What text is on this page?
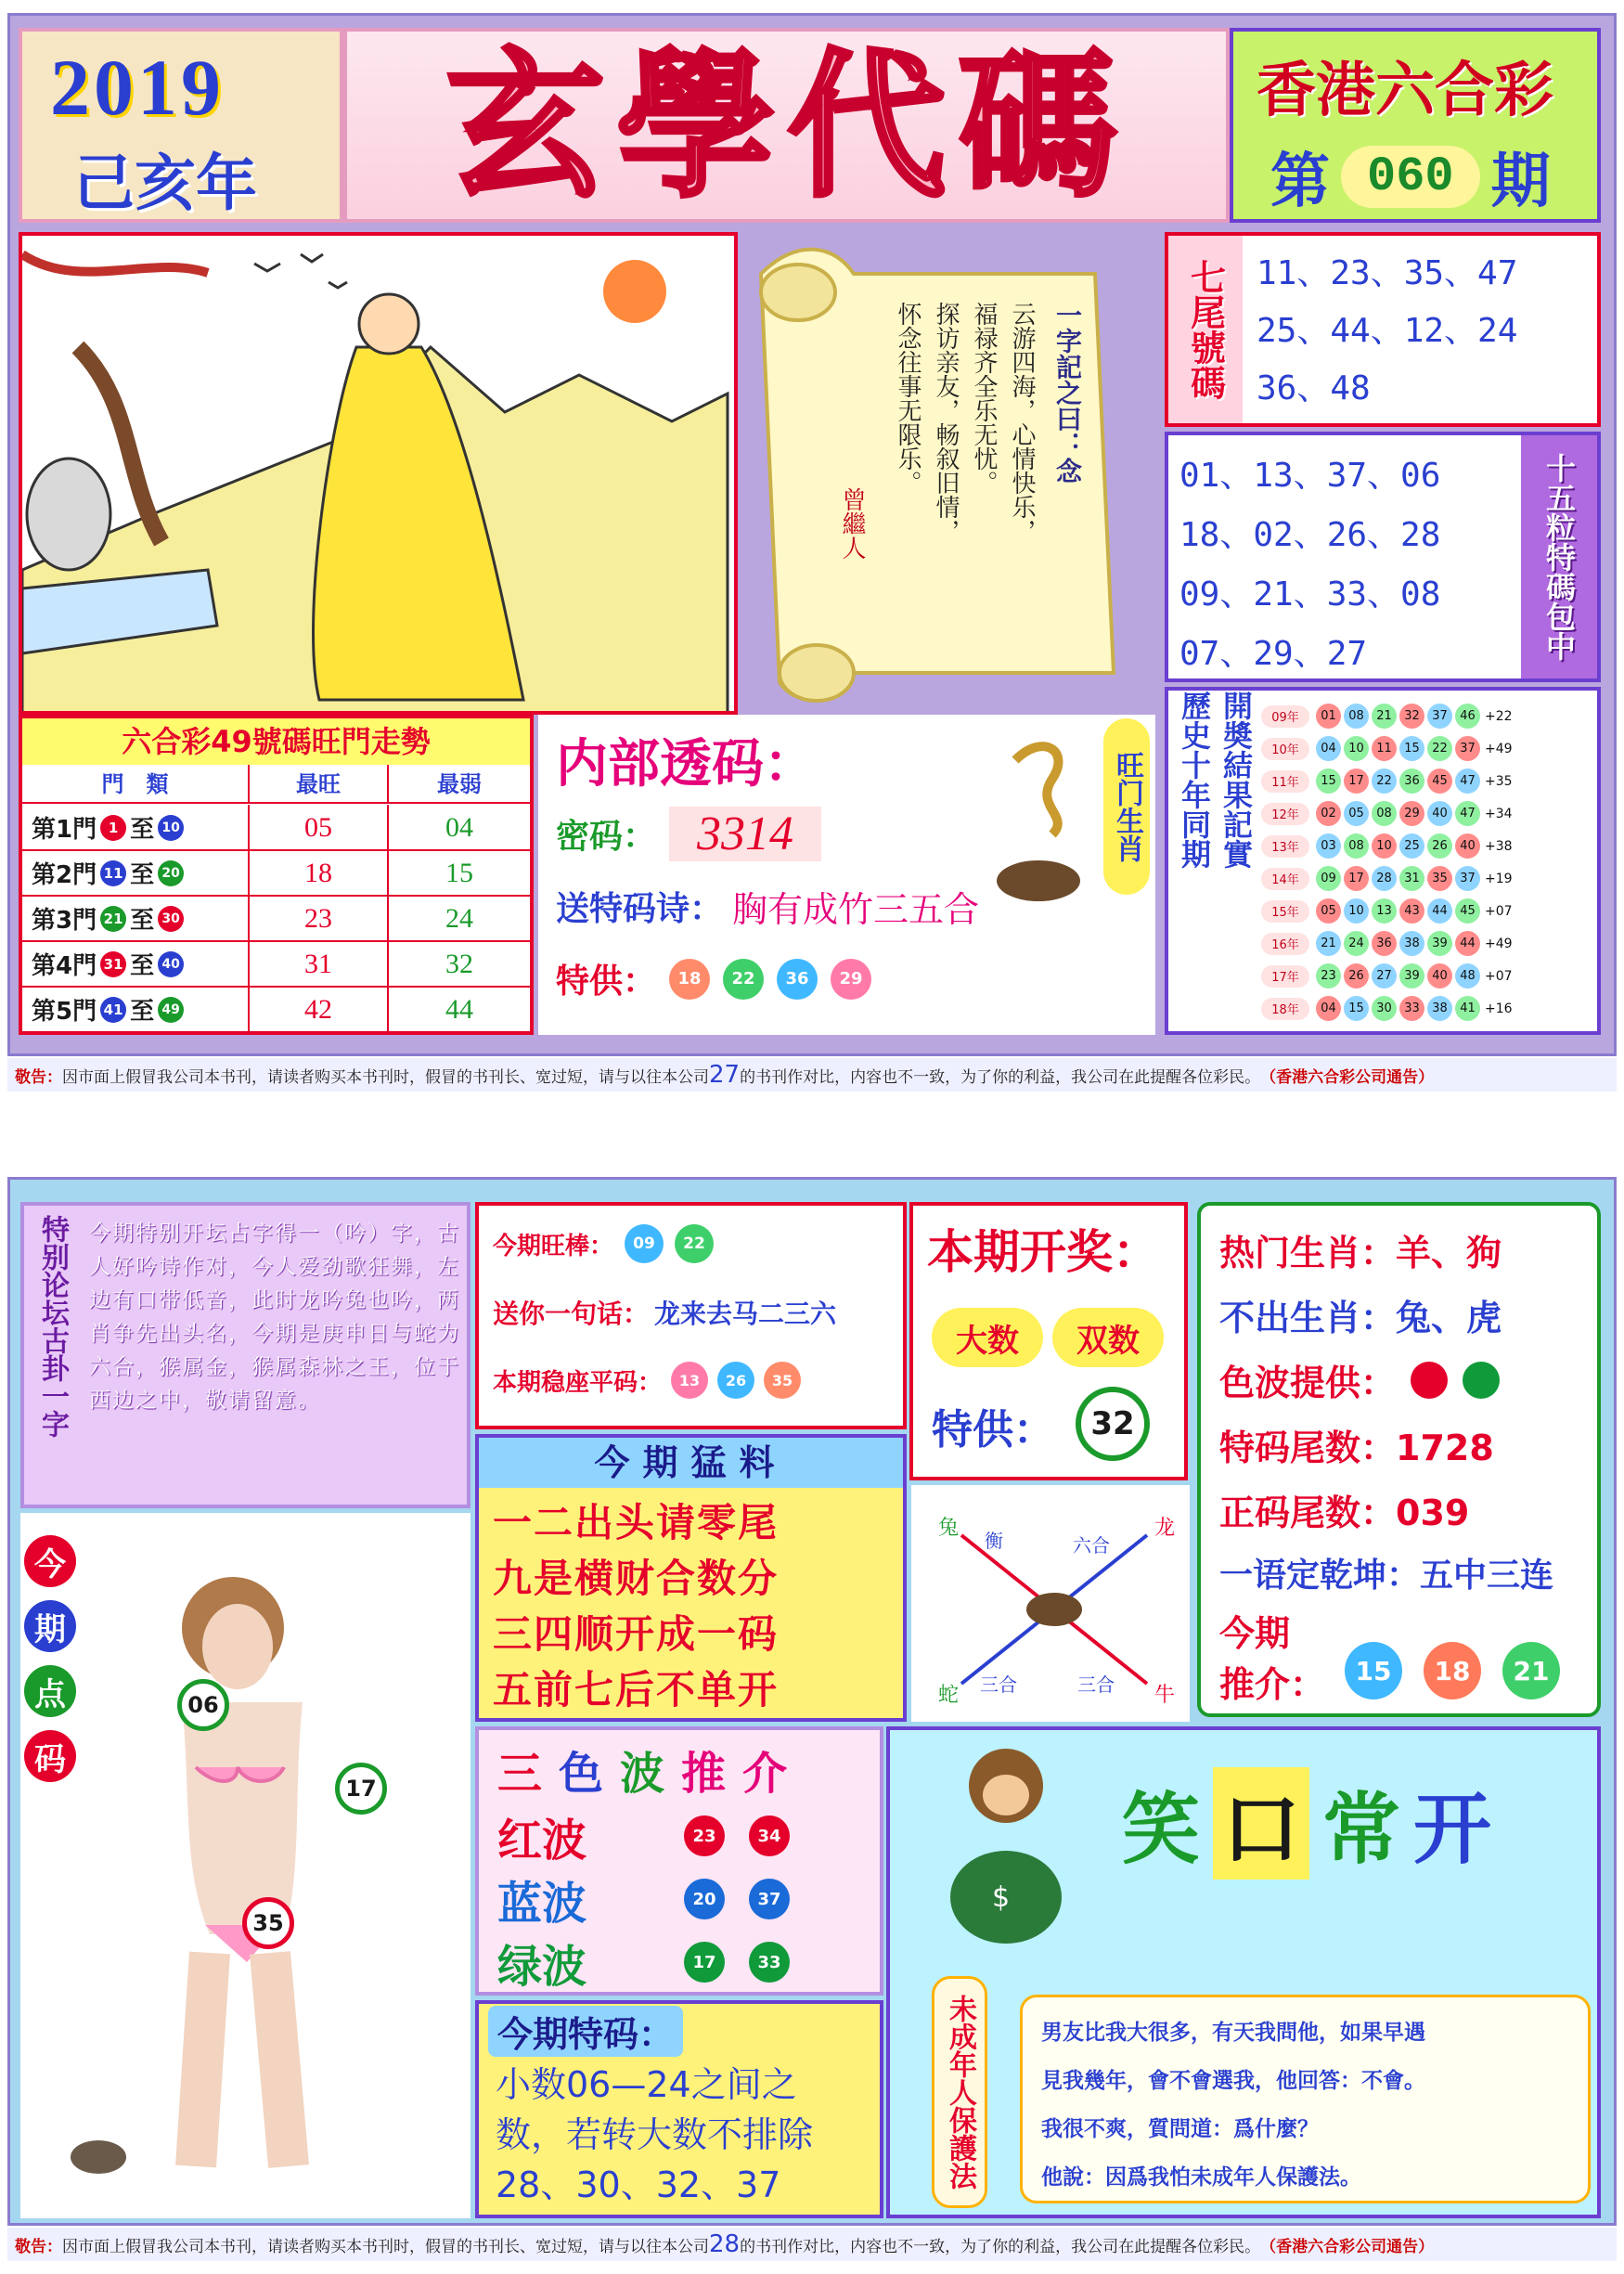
2019
己亥年	玄學代碼	香港六合彩
第 060 期
一字記之曰：念
云游四海，心情快乐，
福禄齐全乐无忧。
探访亲友，畅叙旧情，
怀念往事无限乐。
曾繼人
七尾號碼 11、23、35、47
25、44、12、24
36、48
01、13、37、06
18、02、26、28
09、21、33、08
07、29、27	十五粒特碼包中
六合彩49號碼旺門走勢
門　類	最旺	最弱
第1門 1 至 10	05	04
第2門 11 至 20	18	15
第3門 21 至 30	23	24
第4門 31 至 40	31	32
第5門 41 至 49	42	44
内部透码：
密码： 3314
送特码诗： 胸有成竹三五合
特供：	18	22	36	29
旺门生肖 歷史十年同期 開奬結果記實	09年	01	08	21	32	37	46 +22
10年	04	10	11	15	22	37 +49
11年	15	17	22	36	45	47 +35
12年	02	05	08	29	40	47 +34
13年	03	08	10	25	26	40 +38
14年	09	17	28	31	35	37 +19
15年	05	10	13	43	44	45 +07
16年	21	24	36	38	39	44 +49
17年	23	26	27	39	40	48 +07
18年	04	15	30	33	38	41 +16
敬告： 因市面上假冒我公司本书刊，请读者购买本书刊时，假冒的书刊长、宽过短，请与以往本公司 27 的书刊作对比，内容也不一致，为了你的利益，我公司在此提醒各位彩民。 （香港六合彩公司通告）
特别论坛古卦一字 今期特别开坛占字得一（吟）字，古人好吟诗作对，今人爱劲歌狂舞，左边有口带低音，此时龙吟兔也吟，两肖争先出头名，今期是庚申日与蛇为六合，猴属金，猴属森林之王，位于西边之中，敬请留意。
今期旺棒：	09	22
送你一句话： 龙来去马二三六
本期稳座平码：	13	26	35
本期开奖：
大数	双数
特供：	32
热门生肖：羊、狗
不出生肖：兔、虎
色波提供：
特码尾数：1728
正码尾数：039
一语定乾坤：五中三连
今期
推介：	15	18	21
今期猛料
一二出头请零尾
九是横财合数分
三四顺开成一码
五前七后不单开
兔
衡	六合
龙
蛇 三合	三合 牛
今
期
点
码
06
17
35
三 色 波 推 介
红波	23	34
蓝波	20	37
绿波	17	33
今期特码：
小数06—24之间之数，若转大数不排除28、30、32、37
$
笑 口 常 开
未成年人保護法	男友比我大很多，有天我問他，如果早遇
見我幾年，會不會選我，他回答：不會。
我很不爽，質問道：爲什麼？
他說：因爲我怕未成年人保護法。
敬告： 因市面上假冒我公司本书刊，请读者购买本书刊时，假冒的书刊长、宽过短，请与以往本公司 28 的书刊作对比，内容也不一致，为了你的利益，我公司在此提醒各位彩民。 （香港六合彩公司通告）
